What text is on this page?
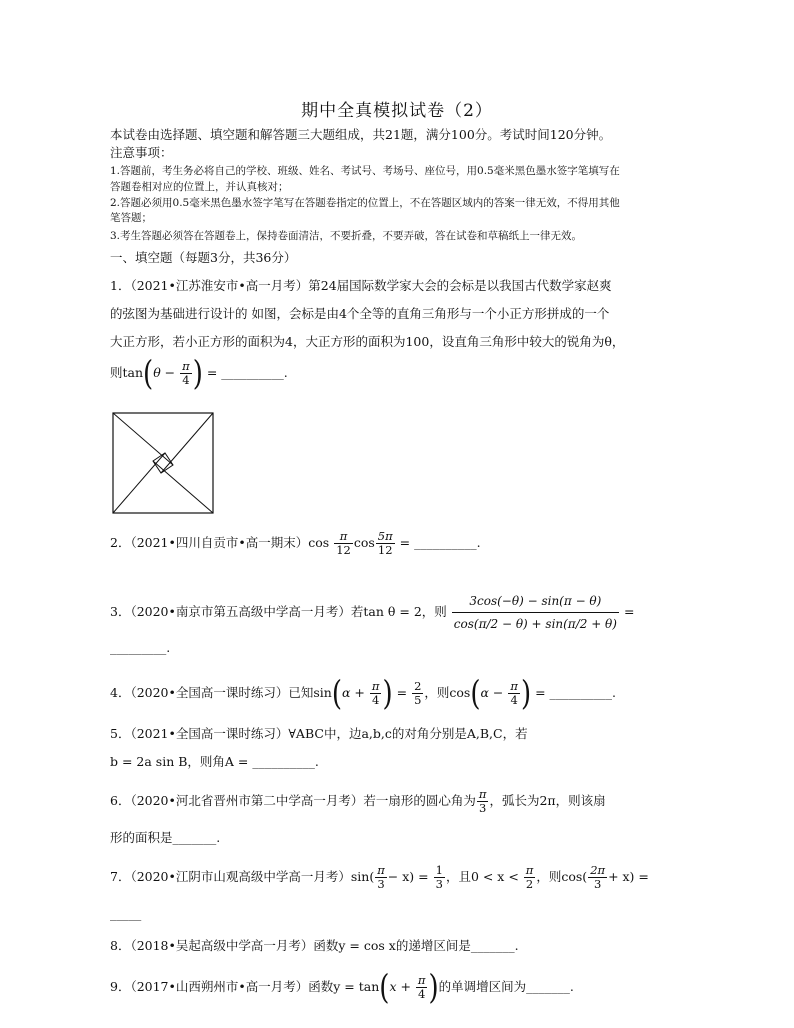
期中全真模拟试卷（2）
本试卷由选择题、填空题和解答题三大题组成，共21题，满分100分。考试时间120分钟。
注意事项：
1.答题前，考生务必将自己的学校、班级、姓名、考试号、考场号、座位号，用0.5毫米黑色墨水签字笔填写在
答题卷相对应的位置上，并认真核对；
2.答题必须用0.5毫米黑色墨水签字笔写在答题卷指定的位置上，不在答题区域内的答案一律无效，不得用其他
笔答题；
3.考生答题必须答在答题卷上，保持卷面清洁，不要折叠，不要弄破，答在试卷和草稿纸上一律无效。
一、填空题（每题3分，共36分）
1．（2021•江苏淮安市•高一月考）第24届国际数学家大会的会标是以我国古代数学家赵爽
的弦图为基础进行设计的 如图，会标是由4个全等的直角三角形与一个小正方形拼成的一个
大正方形，若小正方形的面积为4，大正方形的面积为100，设直角三角形中较大的锐角为θ，
则$\tan(\theta - \frac{\pi}{4}$ ) = __________.
2．（2021•四川自贡市•高一期末）$\cos \frac{\pi}{12}$ $\cos \frac{5\pi}{12}$ = __________.
3．（2020•南京市第五高级中学高一月考）若tan θ = 2，则 $\frac{3\cos(-\theta) - \sin(\pi - \theta)}{\cos(\pi/2 - \theta) + \sin(\pi/2 + \theta)}$ =
_________.
4．（2020•全国高一课时练习）已知$\sin(\alpha + \frac{\pi}{4}$ ) = $\frac{2}{5}$ ，则$\cos(\alpha - \frac{\pi}{4}$ ) = __________.
5．（2021•全国高一课时练习）∀ABC中，边a,b,c的对角分别是A,B,C，若
b = 2a sin B，则角A = __________.
6．（2020•河北省晋州市第二中学高一月考）若一扇形的圆心角为 $\frac{\pi}{3}$ ，弧长为2π，则该扇
形的面积是_______.
7．（2020•江阴市山观高级中学高一月考）$\sin( \frac{\pi}{3} - x) = \frac{1}{3}$ ，且$0 < x < \frac{\pi}{2}$ ，则$\cos( \frac{2\pi}{3} + x)$ =
_____
8．（2018•吴起高级中学高一月考）函数y = cos x的递增区间是_______.
9．（2017•山西朔州市•高一月考）函数$y = \tan(x + \frac{\pi}{4}$ )的单调增区间为_______.
